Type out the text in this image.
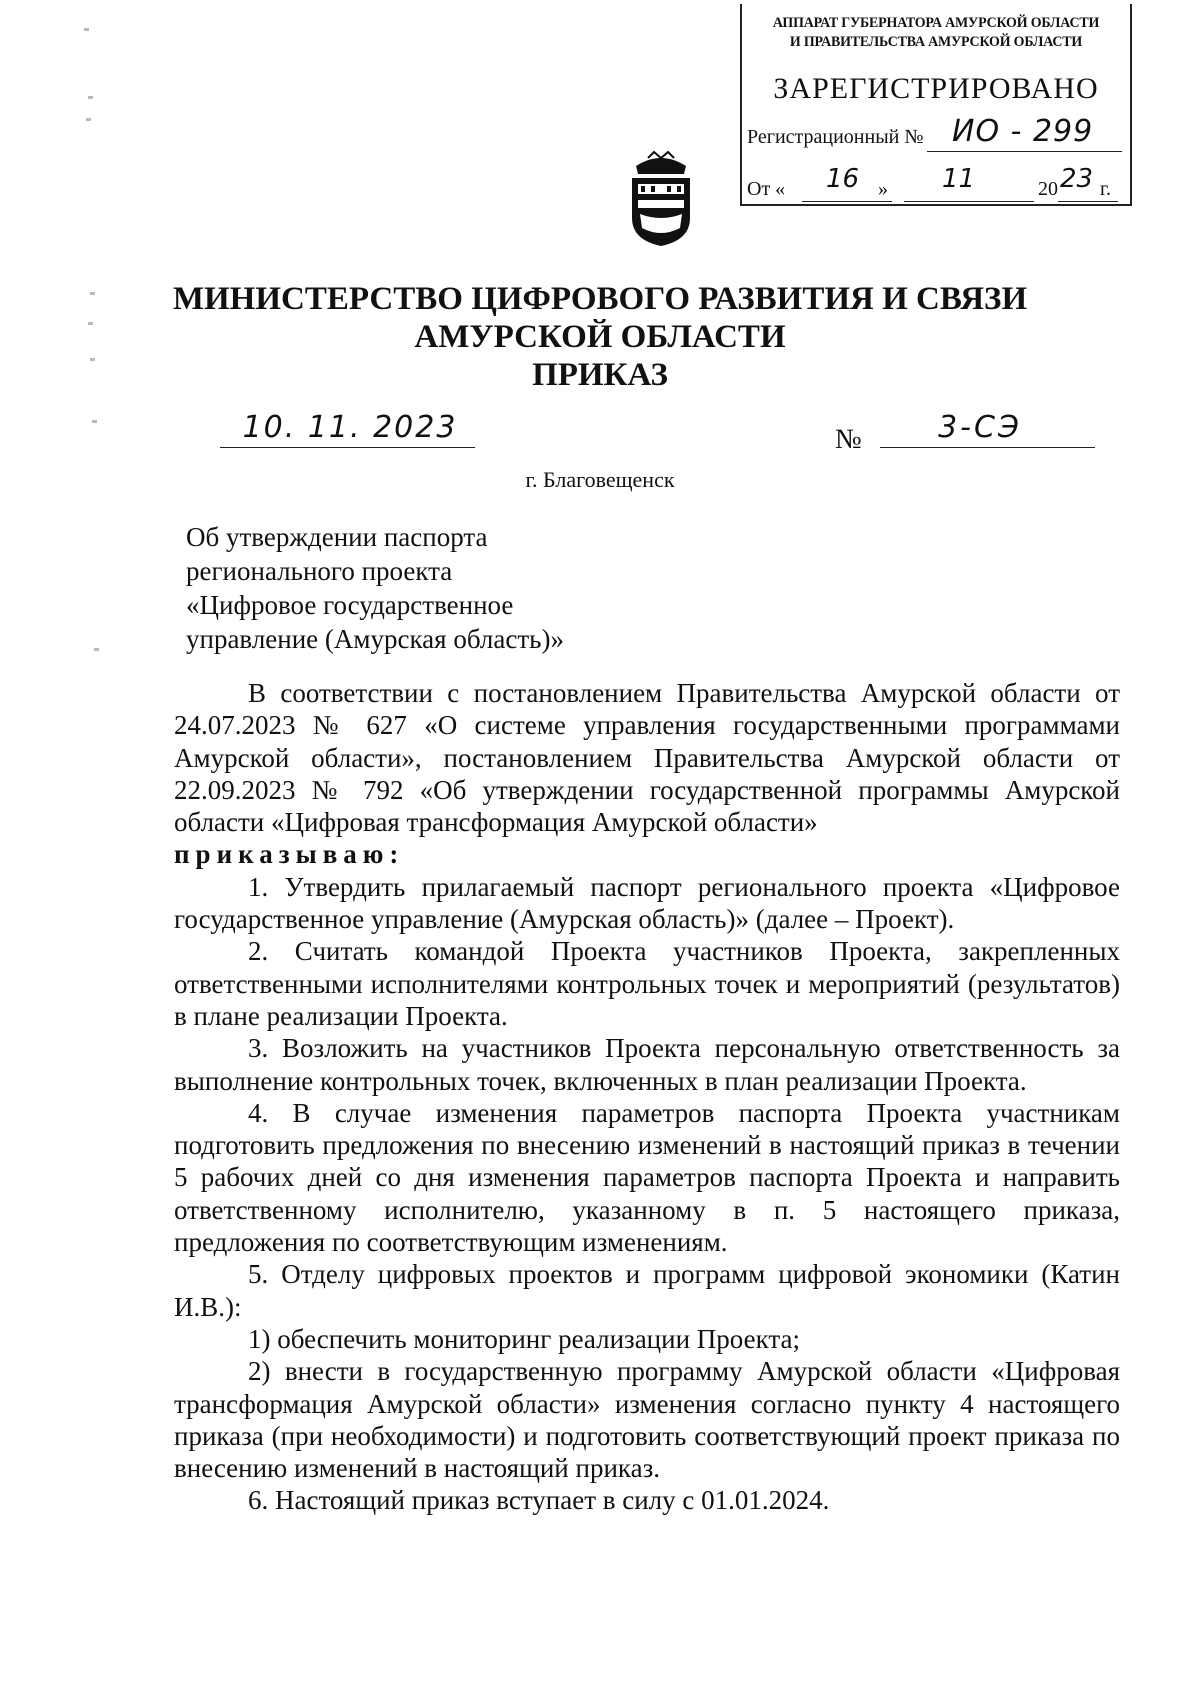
АППАРАТ ГУБЕРНАТОРА АМУРСКОЙ ОБЛАСТИ
И ПРАВИТЕЛЬСТВА АМУРСКОЙ ОБЛАСТИ
ЗАРЕГИСТРИРОВАНО
Регистрационный № ИО - 299
От « 16 » 11	20 23 г.
МИНИСТЕРСТВО ЦИФРОВОГО РАЗВИТИЯ И СВЯЗИ
АМУРСКОЙ ОБЛАСТИ
ПРИКАЗ
10. 11. 2023	№	3-СЭ
г. Благовещенск
Об утверждении паспорта
регионального проекта
«Цифровое государственное
управление (Амурская область)»

В соответствии с постановлением Правительства Амурской области от 24.07.2023 № 627 «О системе управления государственными программами Амурской области», постановлением Правительства Амурской области от 22.09.2023 № 792 «Об утверждении государственной программы Амурской области «Цифровая трансформация Амурской области»

приказываю:

1. Утвердить прилагаемый паспорт регионального проекта «Цифровое государственное управление (Амурская область)» (далее – Проект).

2. Считать командой Проекта участников Проекта, закрепленных ответственными исполнителями контрольных точек и мероприятий (результатов) в плане реализации Проекта.

3. Возложить на участников Проекта персональную ответственность за выполнение контрольных точек, включенных в план реализации Проекта.

4. В случае изменения параметров паспорта Проекта участникам подготовить предложения по внесению изменений в настоящий приказ в течении 5 рабочих дней со дня изменения параметров паспорта Проекта и направить ответственному исполнителю, указанному в п. 5 настоящего приказа, предложения по соответствующим изменениям.

5. Отделу цифровых проектов и программ цифровой экономики (Катин И.В.):

1) обеспечить мониторинг реализации Проекта;

2) внести в государственную программу Амурской области «Цифровая трансформация Амурской области» изменения согласно пункту 4 настоящего приказа (при необходимости) и подготовить соответствующий проект приказа по внесению изменений в настоящий приказ.

6. Настоящий приказ вступает в силу с 01.01.2024.
